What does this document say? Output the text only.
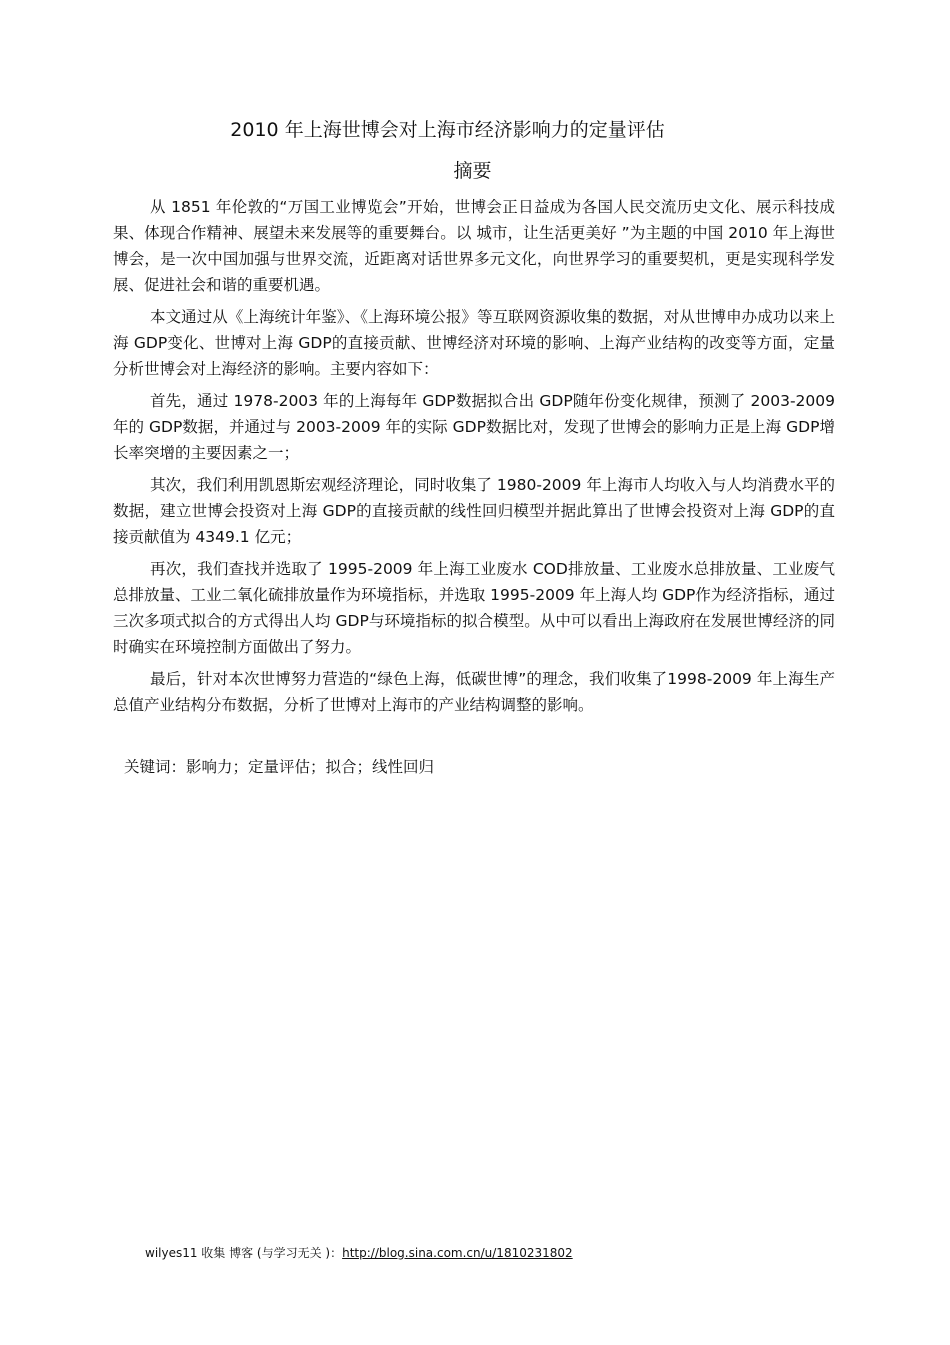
2010 年上海世博会对上海市经济影响力的定量评估
摘要

从 1851 年伦敦的“万国工业博览会”开始，世博会正日益成为各国人民交流历史文化、展示科技成果、体现合作精神、展望未来发展等的重要舞台。以 城市，让生活更美好 ”为主题的中国 2010 年上海世博会，是一次中国加强与世界交流，近距离对话世界多元文化，向世界学习的重要契机，更是实现科学发展、促进社会和谐的重要机遇。

本文通过从《上海统计年鉴》、《上海环境公报》等互联网资源收集的数据，对从世博申办成功以来上海 GDP变化、世博对上海 GDP的直接贡献、世博经济对环境的影响、上海产业结构的改变等方面，定量分析世博会对上海经济的影响。主要内容如下：

首先，通过 1978-2003 年的上海每年 GDP数据拟合出 GDP随年份变化规律，预测了 2003-2009 年的 GDP数据，并通过与 2003-2009 年的实际 GDP数据比对，发现了世博会的影响力正是上海 GDP增长率突增的主要因素之一；

其次，我们利用凯恩斯宏观经济理论，同时收集了 1980-2009 年上海市人均收入与人均消费水平的数据，建立世博会投资对上海 GDP的直接贡献的线性回归模型并据此算出了世博会投资对上海 GDP的直接贡献值为 4349.1 亿元；

再次，我们查找并选取了 1995-2009 年上海工业废水 COD排放量、工业废水总排放量、工业废气总排放量、工业二氧化硫排放量作为环境指标，并选取 1995-2009 年上海人均 GDP作为经济指标，通过三次多项式拟合的方式得出人均 GDP与环境指标的拟合模型。从中可以看出上海政府在发展世博经济的同时确实在环境控制方面做出了努力。

最后，针对本次世博努力营造的“绿色上海，低碳世博”的理念，我们收集了1998-2009 年上海生产总值产业结构分布数据，分析了世博对上海市的产业结构调整的影响。

关键词：影响力；定量评估；拟合；线性回归
wilyes11 收集 博客 (与学习无关 )：http://blog.sina.com.cn/u/1810231802
